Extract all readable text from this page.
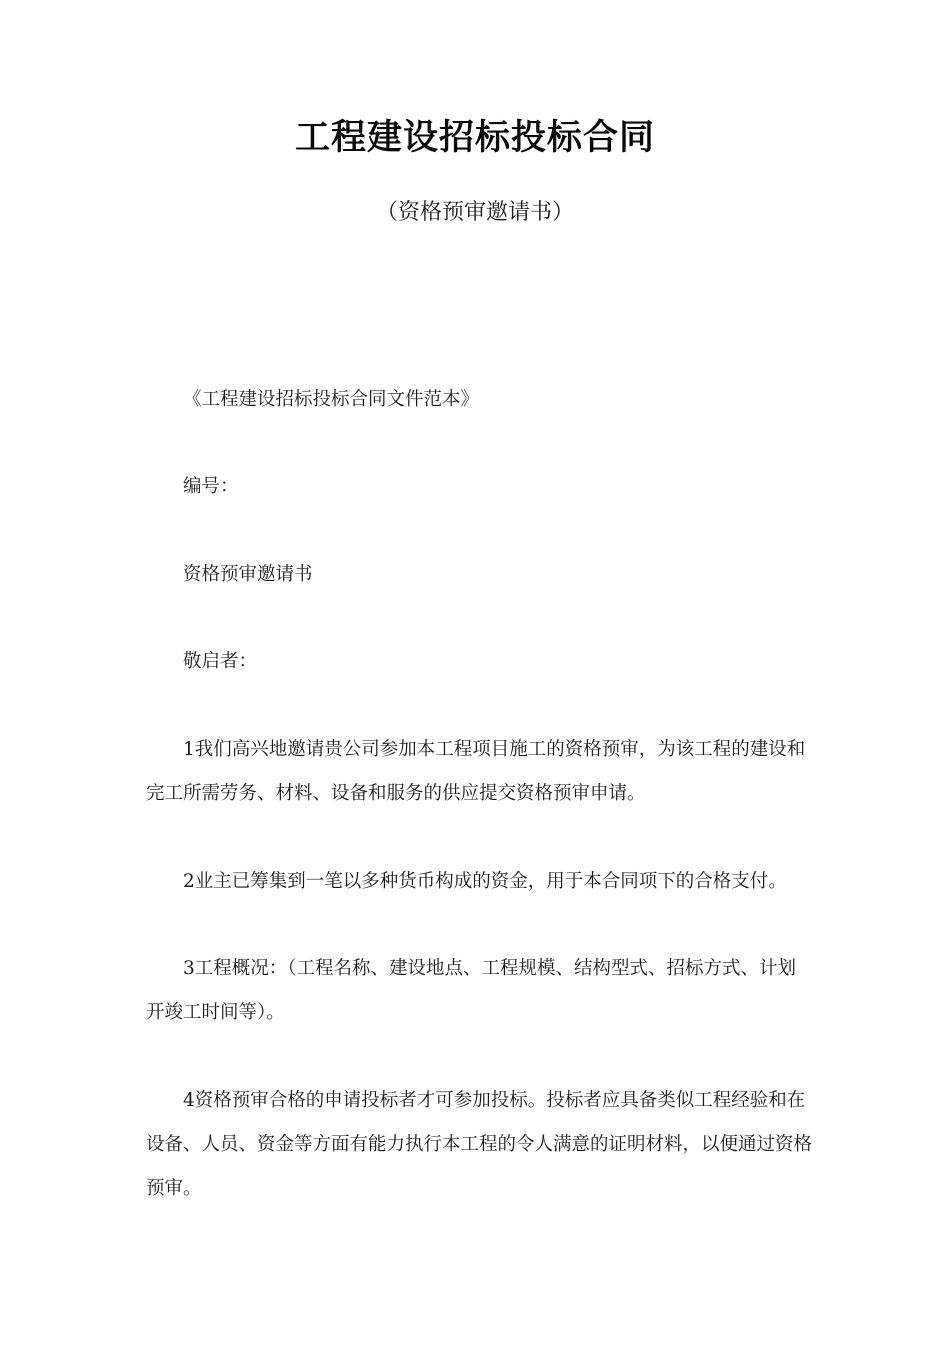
工程建设招标投标合同
（资格预审邀请书）
《工程建设招标投标合同文件范本》
编号：
资格预审邀请书
敬启者：
1我们高兴地邀请贵公司参加本工程项目施工的资格预审，为该工程的建设和完工所需劳务、材料、设备和服务的供应提交资格预审申请。
2业主已筹集到一笔以多种货币构成的资金，用于本合同项下的合格支付。
3工程概况：（工程名称、建设地点、工程规模、结构型式、招标方式、计划开竣工时间等）。
4资格预审合格的申请投标者才可参加投标。投标者应具备类似工程经验和在设备、人员、资金等方面有能力执行本工程的令人满意的证明材料，以便通过资格预审。
